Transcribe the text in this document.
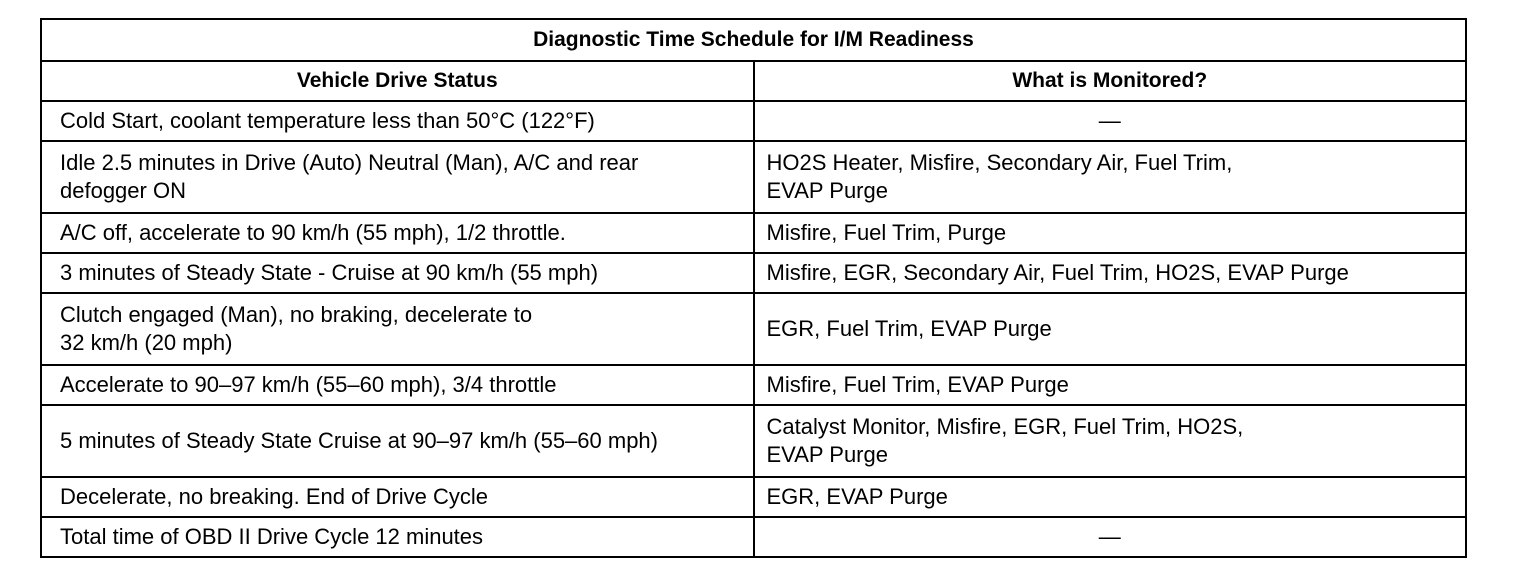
Diagnostic Time Schedule for I/M Readiness	
Vehicle Drive Status	What is Monitored?
Cold Start, coolant temperature less than 50°C (122°F)	—
Idle 2.5 minutes in Drive (Auto) Neutral (Man), A/C and rear
defogger ON	HO2S Heater, Misfire, Secondary Air, Fuel Trim,
EVAP Purge
A/C off, accelerate to 90 km/h (55 mph), 1/2 throttle.	Misfire, Fuel Trim, Purge
3 minutes of Steady State - Cruise at 90 km/h (55 mph)	Misfire, EGR, Secondary Air, Fuel Trim, HO2S, EVAP Purge
Clutch engaged (Man), no braking, decelerate to
32 km/h (20 mph)	EGR, Fuel Trim, EVAP Purge
Accelerate to 90–97 km/h (55–60 mph), 3/4 throttle	Misfire, Fuel Trim, EVAP Purge
5 minutes of Steady State Cruise at 90–97 km/h (55–60 mph)	Catalyst Monitor, Misfire, EGR, Fuel Trim, HO2S,
EVAP Purge
Decelerate, no breaking. End of Drive Cycle	EGR, EVAP Purge
Total time of OBD II Drive Cycle 12 minutes	—
